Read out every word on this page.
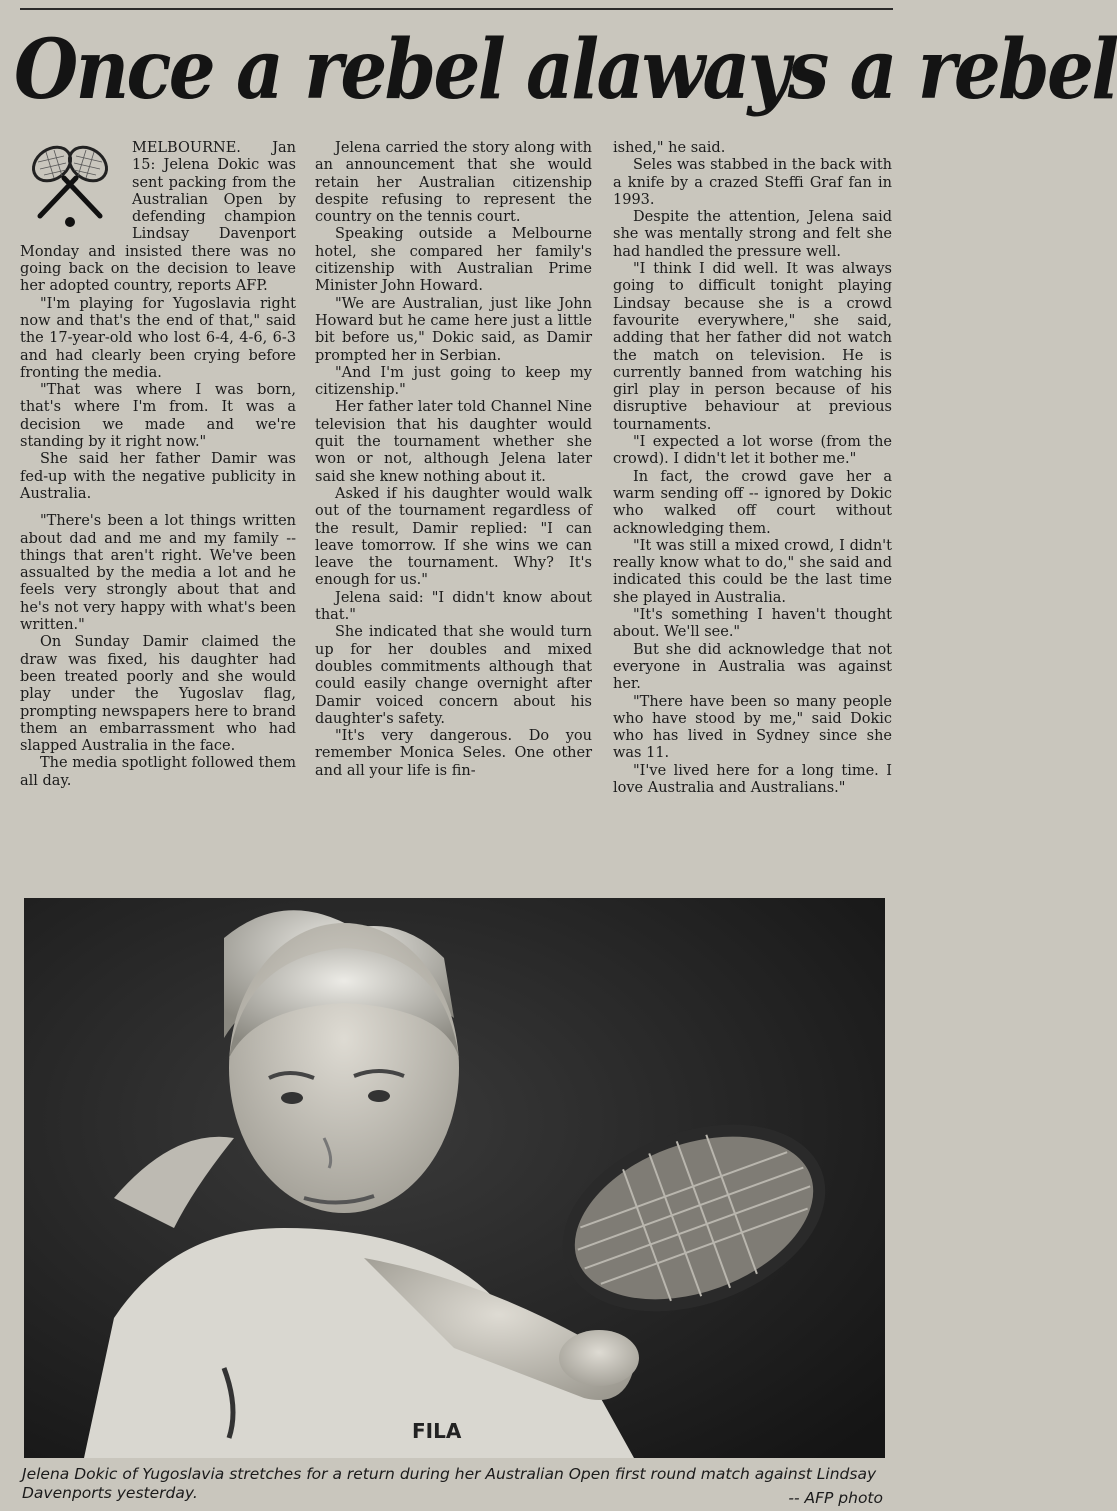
Once a rebel alaways a rebel

MELBOURNE. Jan 15: Jelena Dokic was sent packing from the Australian Open by defending champion Lindsay Davenport Monday and insisted there was no going back on the decision to leave her adopted country, reports AFP.

"I'm playing for Yugoslavia right now and that's the end of that," said the 17-year-old who lost 6-4, 4-6, 6-3 and had clearly been crying before fronting the media.

"That was where I was born, that's where I'm from. It was a decision we made and we're standing by it right now."

She said her father Damir was fed-up with the negative publicity in Australia.

"There's been a lot things written about dad and me and my family -- things that aren't right. We've been assualted by the media a lot and he feels very strongly about that and he's not very happy with what's been written."

On Sunday Damir claimed the draw was fixed, his daughter had been treated poorly and she would play under the Yugoslav flag, prompting newspapers here to brand them an embarrassment who had slapped Australia in the face.

The media spotlight followed them all day.

Jelena carried the story along with an announcement that she would retain her Australian citizenship despite refusing to represent the country on the tennis court.

Speaking outside a Melbourne hotel, she compared her family's citizenship with Australian Prime Minister John Howard.

"We are Australian, just like John Howard but he came here just a little bit before us," Dokic said, as Damir prompted her in Serbian.

"And I'm just going to keep my citizenship."

Her father later told Channel Nine television that his daughter would quit the tournament whether she won or not, although Jelena later said she knew nothing about it.

Asked if his daughter would walk out of the tournament regardless of the result, Damir replied: "I can leave tomorrow. If she wins we can leave the tournament. Why? It's enough for us."

Jelena said: "I didn't know about that."

She indicated that she would turn up for her doubles and mixed doubles commitments although that could easily change overnight after Damir voiced concern about his daughter's safety.

"It's very dangerous. Do you remember Monica Seles. One other and all your life is fin-

ished," he said.

Seles was stabbed in the back with a knife by a crazed Steffi Graf fan in 1993.

Despite the attention, Jelena said she was mentally strong and felt she had handled the pressure well.

"I think I did well. It was always going to difficult tonight playing Lindsay because she is a crowd favourite everywhere," she said, adding that her father did not watch the match on television. He is currently banned from watching his girl play in person because of his disruptive behaviour at previous tournaments.

"I expected a lot worse (from the crowd). I didn't let it bother me."

In fact, the crowd gave her a warm sending off -- ignored by Dokic who walked off court without acknowledging them.

"It was still a mixed crowd, I didn't really know what to do," she said and indicated this could be the last time she played in Australia.

"It's something I haven't thought about. We'll see."

But she did acknowledge that not everyone in Australia was against her.

"There have been so many people who have stood by me," said Dokic who has lived in Sydney since she was 11.

"I've lived here for a long time. I love Australia and Australians."

FILA
Jelena Dokic of Yugoslavia stretches for a return during her Australian Open first round match against Lindsay Davenports yesterday.	-- AFP photo
